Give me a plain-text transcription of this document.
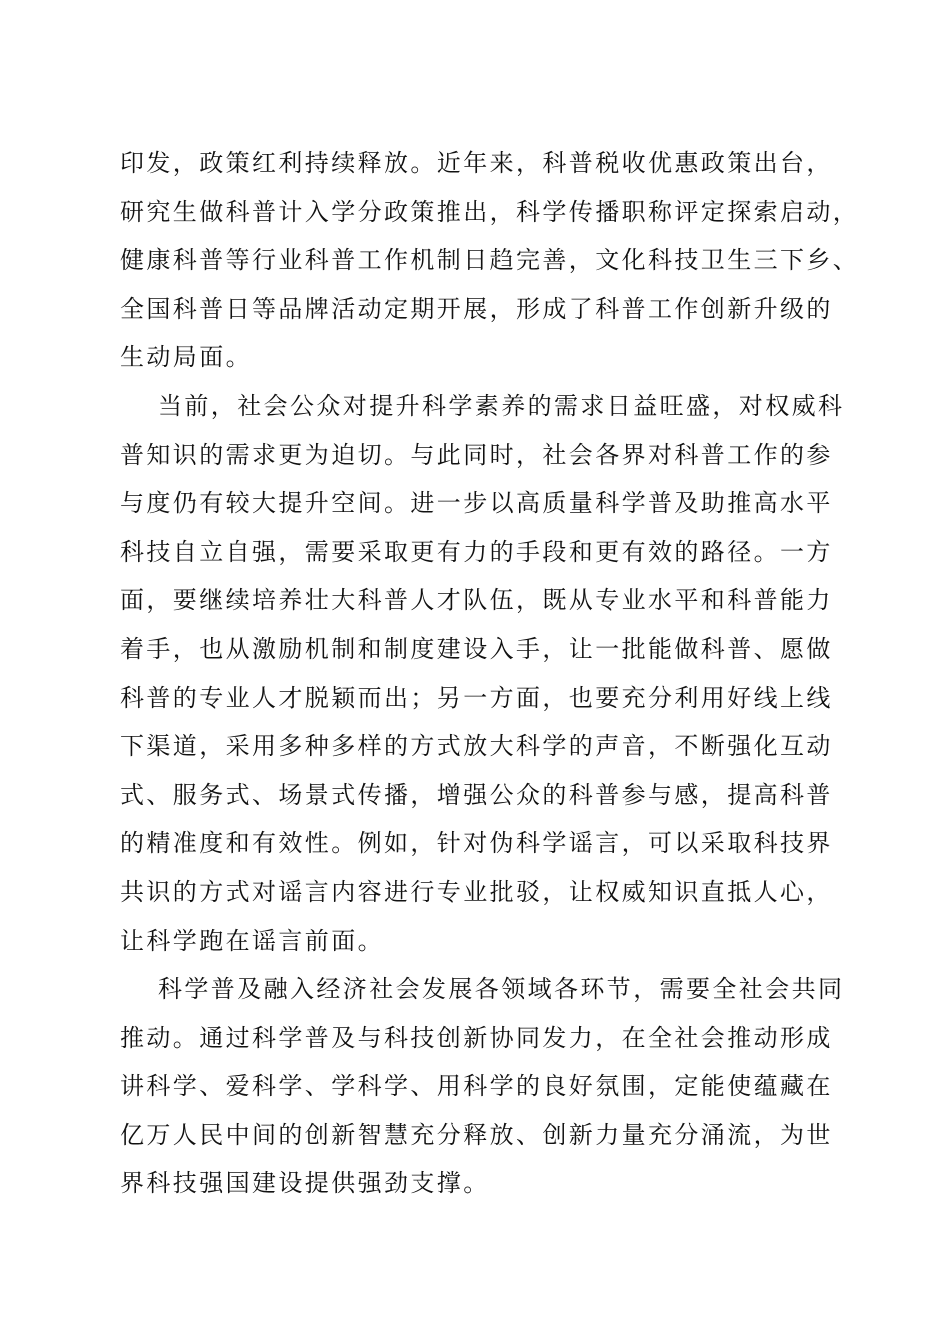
印发，政策红利持续释放。近年来，科普税收优惠政策出台，
研究生做科普计入学分政策推出，科学传播职称评定探索启动，
健康科普等行业科普工作机制日趋完善，文化科技卫生三下乡、
全国科普日等品牌活动定期开展，形成了科普工作创新升级的
生动局面。
当前，社会公众对提升科学素养的需求日益旺盛，对权威科
普知识的需求更为迫切。与此同时，社会各界对科普工作的参
与度仍有较大提升空间。进一步以高质量科学普及助推高水平
科技自立自强，需要采取更有力的手段和更有效的路径。一方
面，要继续培养壮大科普人才队伍，既从专业水平和科普能力
着手，也从激励机制和制度建设入手，让一批能做科普、愿做
科普的专业人才脱颖而出；另一方面，也要充分利用好线上线
下渠道，采用多种多样的方式放大科学的声音，不断强化互动
式、服务式、场景式传播，增强公众的科普参与感，提高科普
的精准度和有效性。例如，针对伪科学谣言，可以采取科技界
共识的方式对谣言内容进行专业批驳，让权威知识直抵人心，
让科学跑在谣言前面。
科学普及融入经济社会发展各领域各环节，需要全社会共同
推动。通过科学普及与科技创新协同发力，在全社会推动形成
讲科学、爱科学、学科学、用科学的良好氛围，定能使蕴藏在
亿万人民中间的创新智慧充分释放、创新力量充分涌流，为世
界科技强国建设提供强劲支撑。
